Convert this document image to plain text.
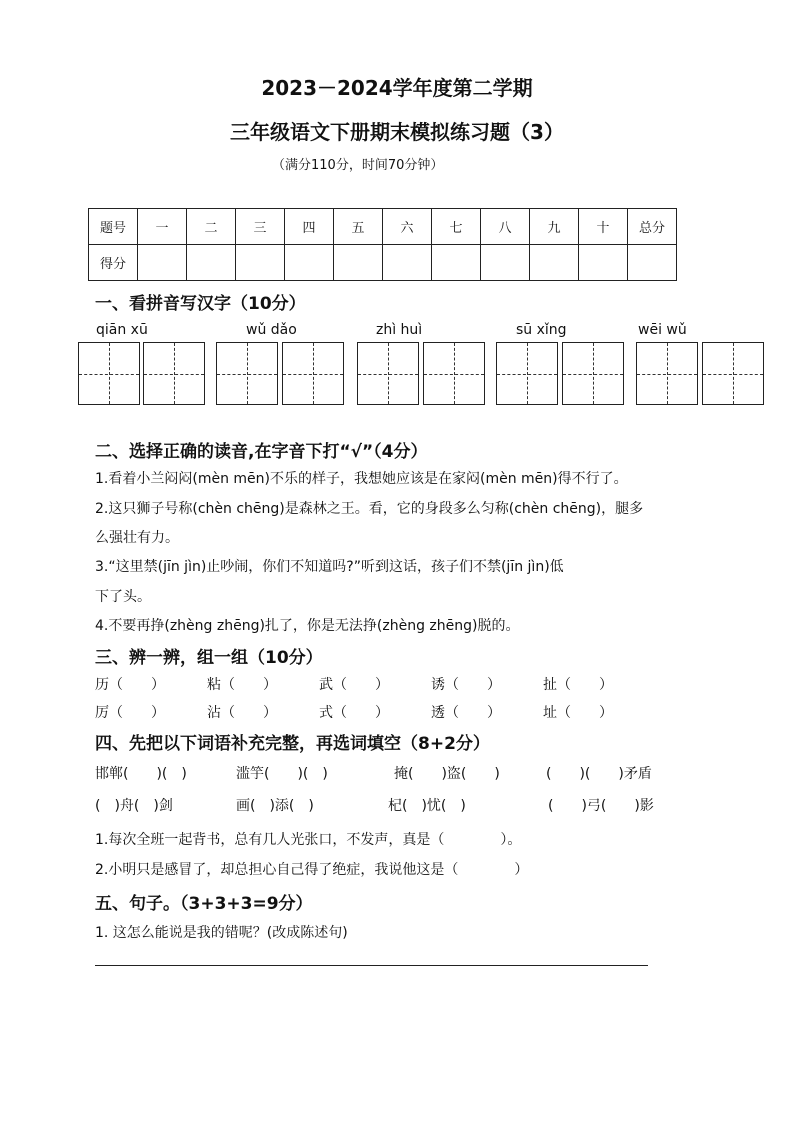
2023－2024学年度第二学期
三年级语文下册期末模拟练习题（3）
（满分110分，时间70分钟）
题号	一	二	三	四	五	六	七	八	九	十	总分
得分											
一、看拼音写汉字（10分）
qiān xū	wǔ dǎo	zhì huì	sū xǐng	wēi wǔ
二、选择正确的读音,在字音下打“√”（4分）
1.看着小兰闷闷(mèn mēn)不乐的样子，我想她应该是在家闷(mèn mēn)得不行了。
2.这只狮子号称(chèn chēng)是森林之王。看，它的身段多么匀称(chèn chēng)，腿多
么强壮有力。
3.“这里禁(jīn jìn)止吵闹，你们不知道吗?”听到这话，孩子们不禁(jīn jìn)低
下了头。
4.不要再挣(zhèng zhēng)扎了，你是无法挣(zhèng zhēng)脱的。
三、辨一辨，组一组（10分）
历（　　）	粘（　　）	武（　　）	诱（　　）	扯（　　）
厉（　　）	沾（　　）	式（　　）	透（　　）	址（　　）
四、先把以下词语补充完整，再选词填空（8+2分）
邯郸(　　)(　)	滥竽(　　)(　)	掩(　　)盗(　　)	(　　)(　　)矛盾
(　)舟(　)剑	画(　)添(　)	杞(　)忧(　)	(　　)弓(　　)影
1.每次全班一起背书，总有几人光张口，不发声，真是（　　　　）。
2.小明只是感冒了，却总担心自己得了绝症，我说他这是（　　　　）
五、句子。（3+3+3=9分）
1. 这怎么能说是我的错呢？(改成陈述句)
